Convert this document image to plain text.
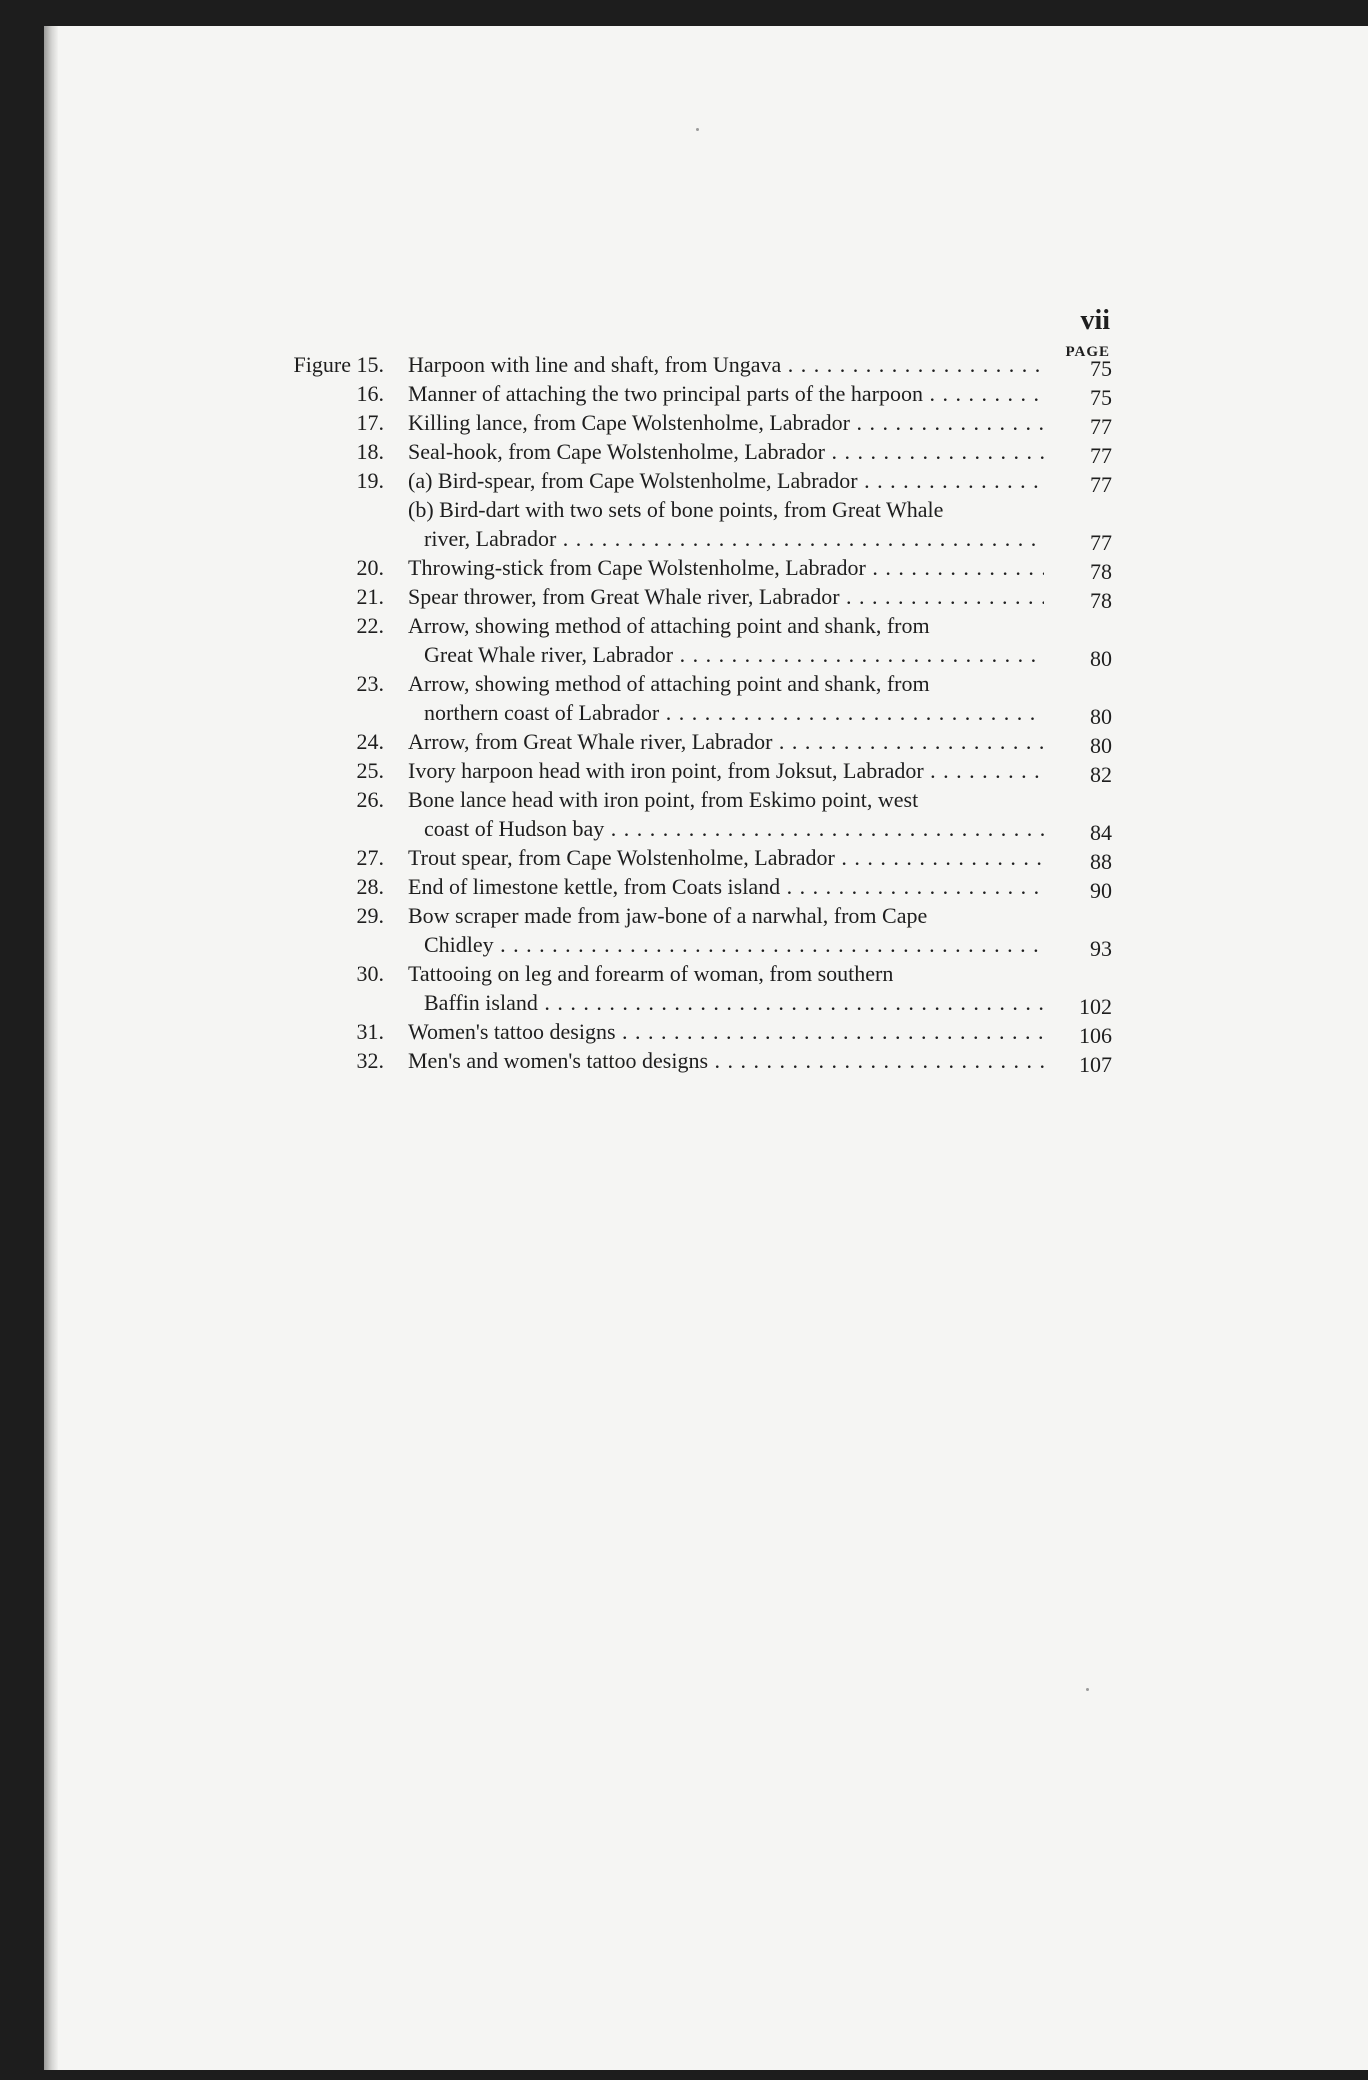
vii
PAGE
Figure 15. Harpoon with line and shaft, from Ungava . . .	75
16. Manner of attaching the two principal parts of the harpoon . . .	75
17. Killing lance, from Cape Wolstenholme, Labrador . . .	77
18. Seal-hook, from Cape Wolstenholme, Labrador . . .	77
19. (a) Bird-spear, from Cape Wolstenholme, Labrador . . .	77
(b) Bird-dart with two sets of bone points, from Great Whale
river, Labrador . . .	77
20. Throwing-stick from Cape Wolstenholme, Labrador . . .	78
21. Spear thrower, from Great Whale river, Labrador . . .	78
22. Arrow, showing method of attaching point and shank, from
Great Whale river, Labrador . . .	80
23. Arrow, showing method of attaching point and shank, from
northern coast of Labrador . . .	80
24. Arrow, from Great Whale river, Labrador . . .	80
25. Ivory harpoon head with iron point, from Joksut, Labrador . . .	82
26. Bone lance head with iron point, from Eskimo point, west
coast of Hudson bay . . .	84
27. Trout spear, from Cape Wolstenholme, Labrador . . .	88
28. End of limestone kettle, from Coats island . . .	90
29. Bow scraper made from jaw-bone of a narwhal, from Cape
Chidley . . .	93
30. Tattooing on leg and forearm of woman, from southern
Baffin island . . .	102
31. Women's tattoo designs . . .	106
32. Men's and women's tattoo designs . . .	107
